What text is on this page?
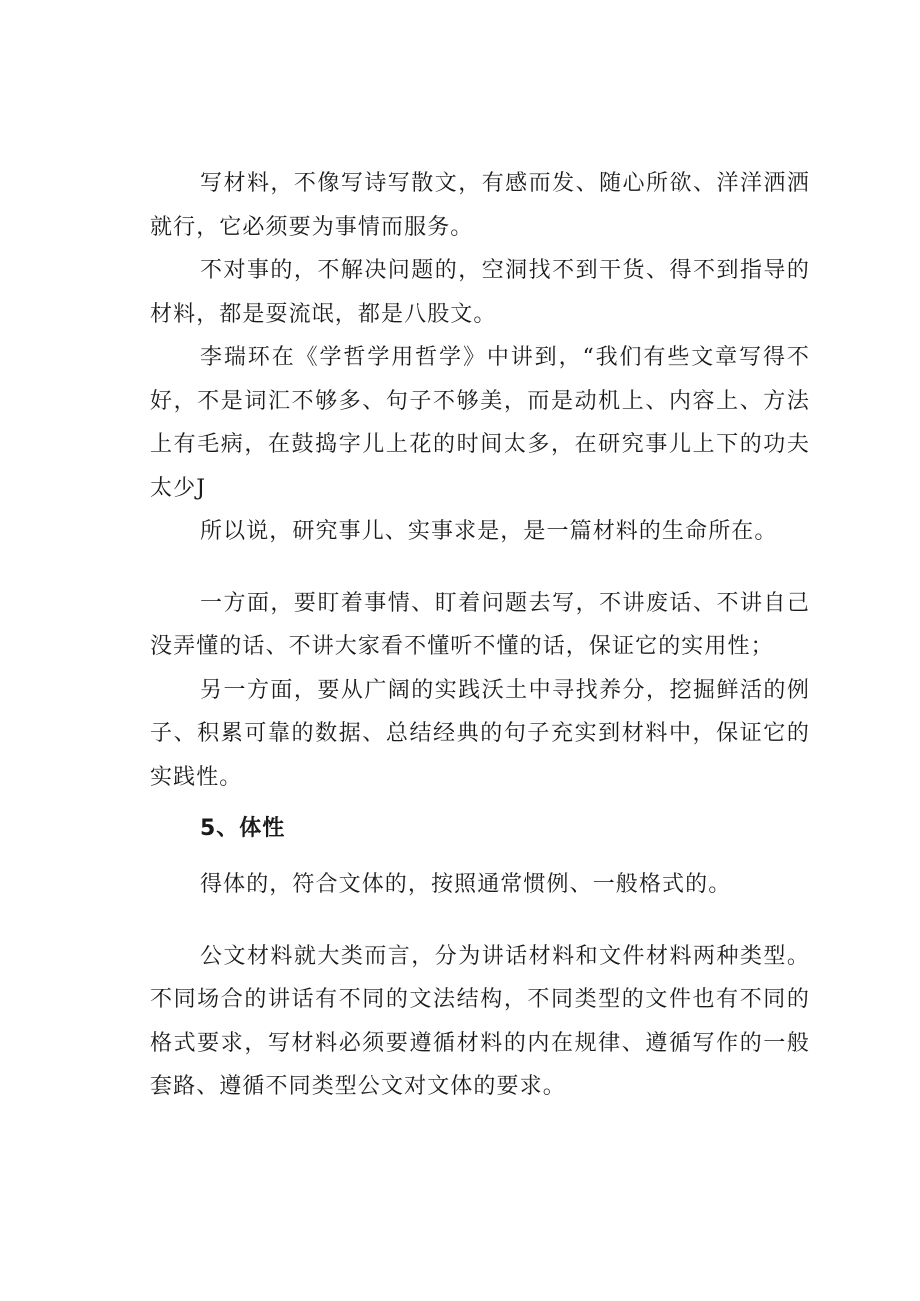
写材料，不像写诗写散文，有感而发、随心所欲、洋洋洒洒就行，它必须要为事情而服务。

不对事的，不解决问题的，空洞找不到干货、得不到指导的材料，都是耍流氓，都是八股文。

李瑞环在《学哲学用哲学》中讲到，“我们有些文章写得不好，不是词汇不够多、句子不够美，而是动机上、内容上、方法上有毛病，在鼓捣字儿上花的时间太多，在研究事儿上下的功夫太少J

所以说，研究事儿、实事求是，是一篇材料的生命所在。

一方面，要盯着事情、盯着问题去写，不讲废话、不讲自己没弄懂的话、不讲大家看不懂听不懂的话，保证它的实用性；

另一方面，要从广阔的实践沃土中寻找养分，挖掘鲜活的例子、积累可靠的数据、总结经典的句子充实到材料中，保证它的实践性。

5、体性

得体的，符合文体的，按照通常惯例、一般格式的。

公文材料就大类而言，分为讲话材料和文件材料两种类型。不同场合的讲话有不同的文法结构，不同类型的文件也有不同的格式要求，写材料必须要遵循材料的内在规律、遵循写作的一般套路、遵循不同类型公文对文体的要求。
